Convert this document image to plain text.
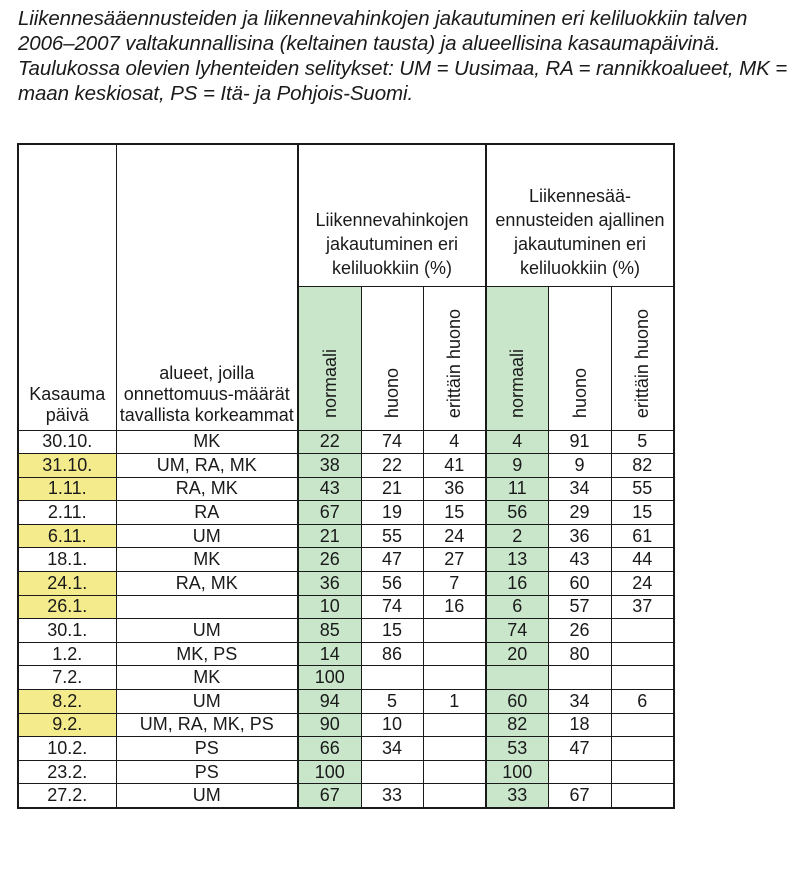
Liikennesääennusteiden ja liikennevahinkojen jakautuminen eri keliluokkiin talven 2006–2007 valtakunnallisina (keltainen tausta) ja alueellisina kasaumapäivinä. Taulukossa olevien lyhenteiden selitykset: UM = Uusimaa, RA = rannikkoalueet, MK = maan keskiosat, PS = Itä- ja Pohjois-Suomi.
Kasauma päivä	alueet, joilla onnettomuus-määrät tavallista korkeammat	Liikennevahinkojen jakautuminen eri keliluokkiin (%)			Liikennesää-ennusteiden ajallinen jakautuminen eri keliluokkiin (%)		
		normaali	huono	erittäin huono	normaali	huono	erittäin huono
30.10.	MK	22	74	4	4	91	5
31.10.	UM, RA, MK	38	22	41	9	9	82
1.11.	RA, MK	43	21	36	11	34	55
2.11.	RA	67	19	15	56	29	15
6.11.	UM	21	55	24	2	36	61
18.1.	MK	26	47	27	13	43	44
24.1.	RA, MK	36	56	7	16	60	24
26.1.		10	74	16	6	57	37
30.1.	UM	85	15		74	26	
1.2.	MK, PS	14	86		20	80	
7.2.	MK	100					
8.2.	UM	94	5	1	60	34	6
9.2.	UM, RA, MK, PS	90	10		82	18	
10.2.	PS	66	34		53	47	
23.2.	PS	100			100		
27.2.	UM	67	33		33	67	
